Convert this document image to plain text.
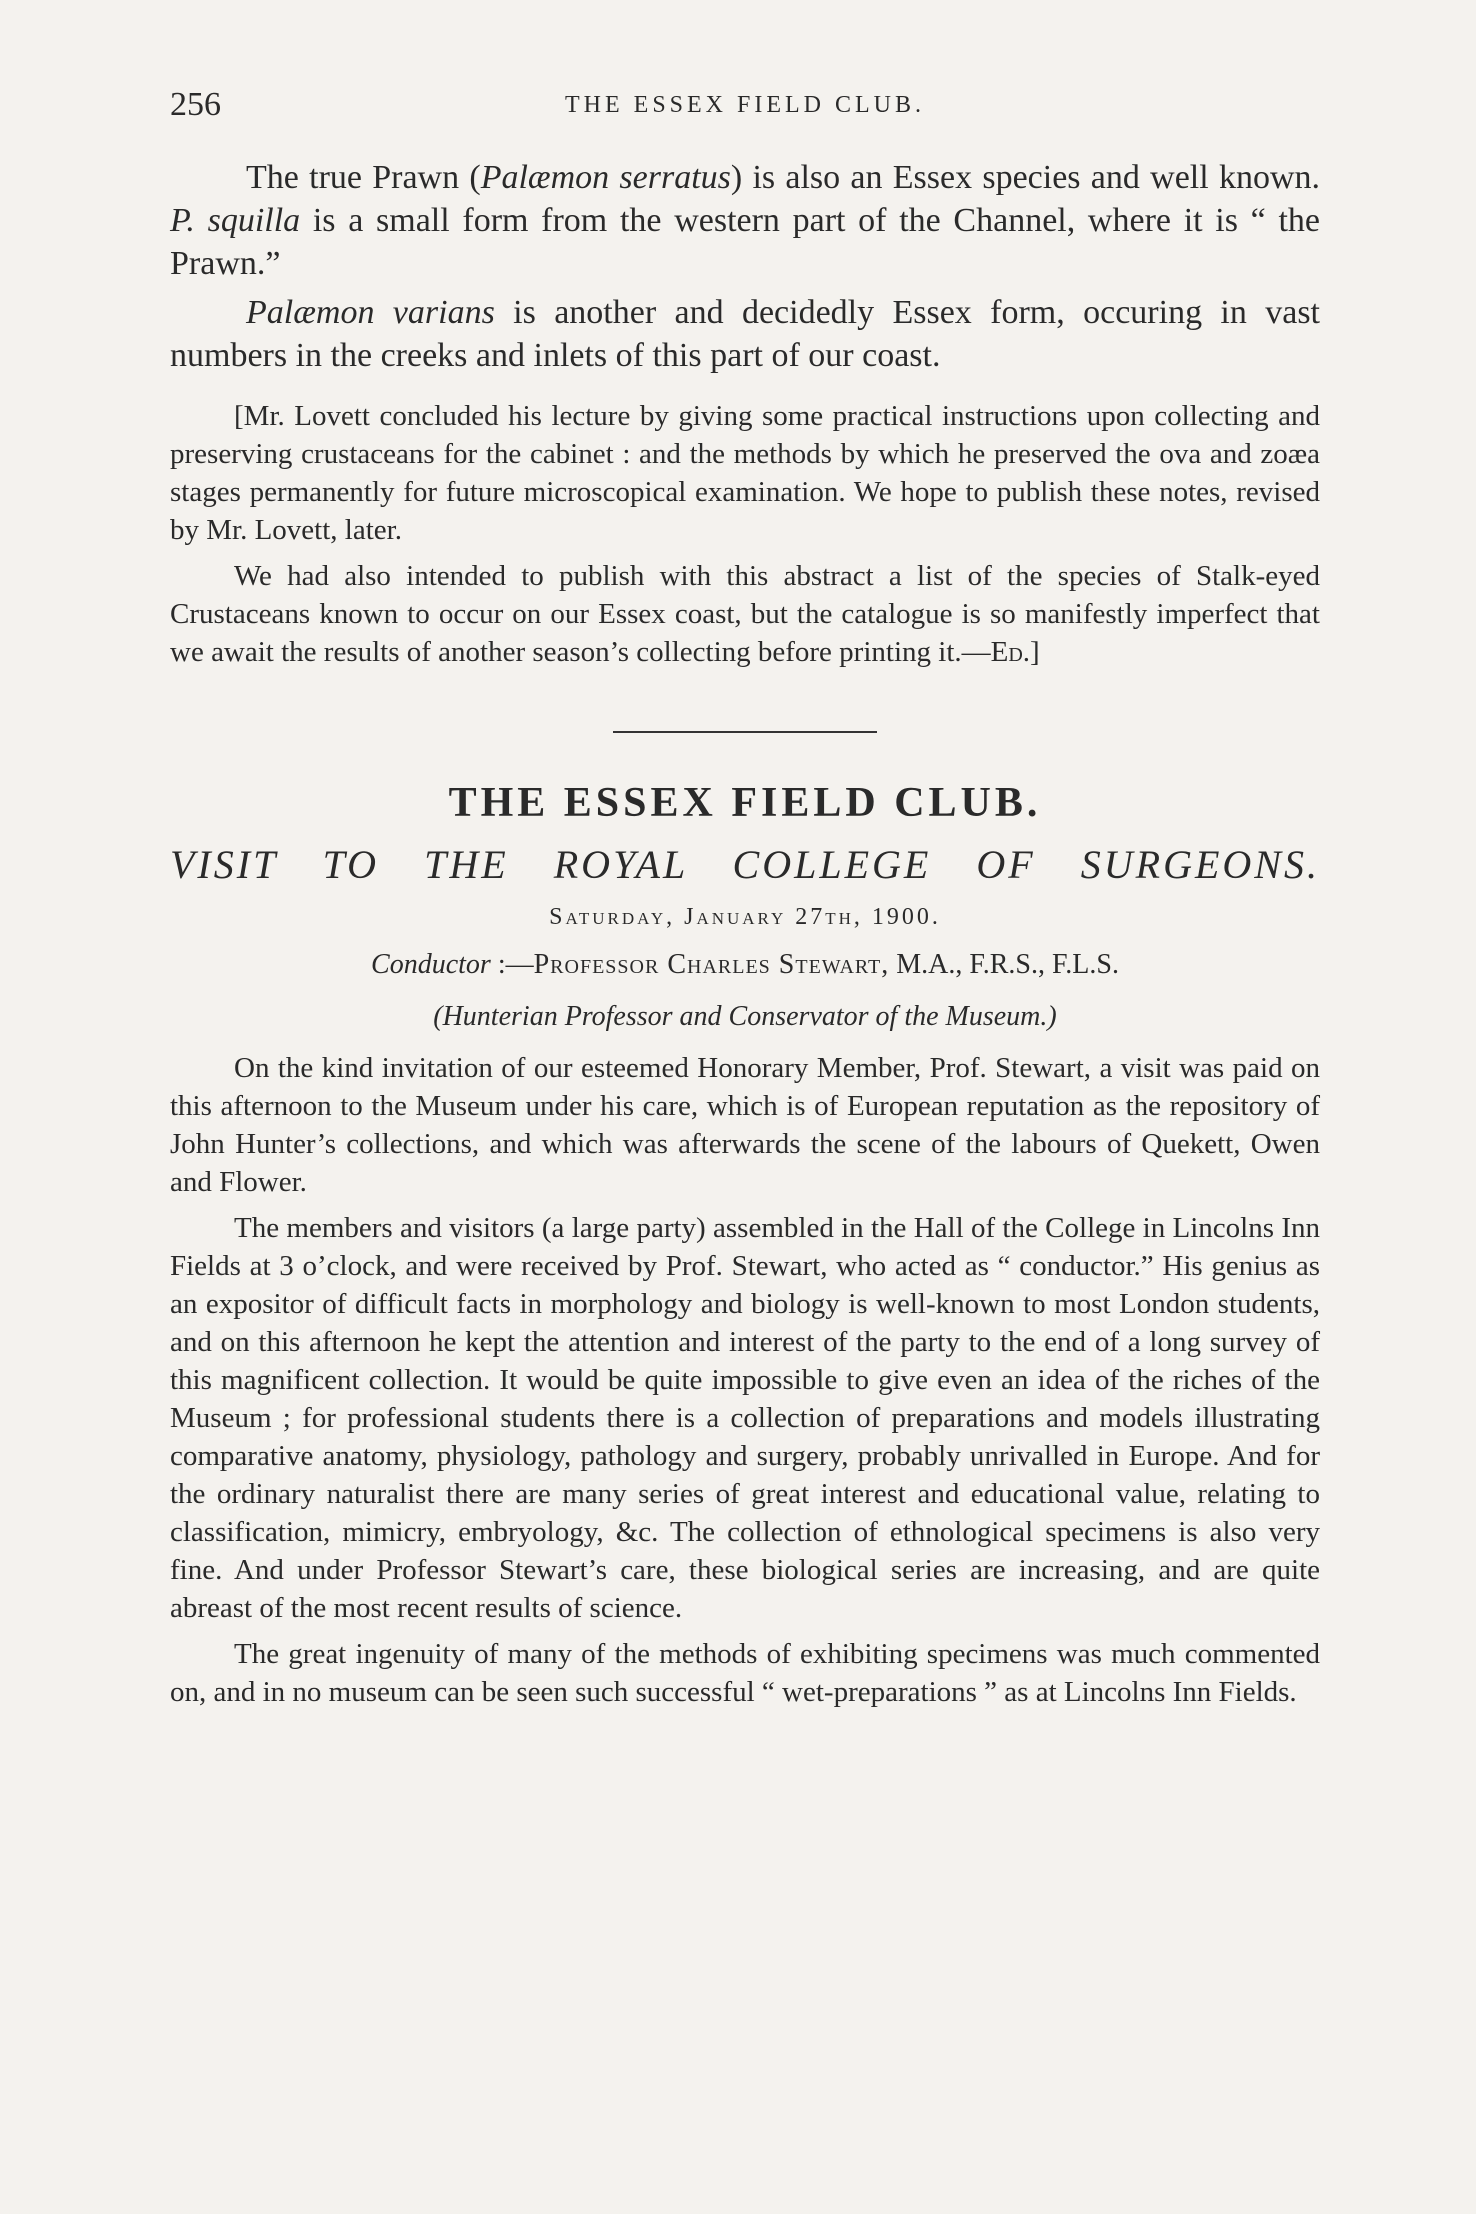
256	THE ESSEX FIELD CLUB.

The true Prawn (Palæmon serratus) is also an Essex species and well known. P. squilla is a small form from the western part of the Channel, where it is “ the Prawn.”

Palæmon varians is another and decidedly Essex form, occuring in vast numbers in the creeks and inlets of this part of our coast.

[Mr. Lovett concluded his lecture by giving some practical instructions upon collecting and preserving crustaceans for the cabinet : and the methods by which he preserved the ova and zoæa stages permanently for future microscopical examination. We hope to publish these notes, revised by Mr. Lovett, later.

We had also intended to publish with this abstract a list of the species of Stalk-eyed Crustaceans known to occur on our Essex coast, but the catalogue is so manifestly imperfect that we await the results of another season’s collecting before printing it.—Ed.]

THE ESSEX FIELD CLUB.
VISIT TO THE ROYAL COLLEGE OF SURGEONS.
Saturday, January 27th, 1900.
Conductor :—Professor Charles Stewart, M.A., F.R.S., F.L.S.
(Hunterian Professor and Conservator of the Museum.)

On the kind invitation of our esteemed Honorary Member, Prof. Stewart, a visit was paid on this afternoon to the Museum under his care, which is of European reputation as the repository of John Hunter’s collections, and which was afterwards the scene of the labours of Quekett, Owen and Flower.

The members and visitors (a large party) assembled in the Hall of the College in Lincolns Inn Fields at 3 o’clock, and were received by Prof. Stewart, who acted as “ conductor.” His genius as an expositor of difficult facts in morphology and biology is well-known to most London students, and on this afternoon he kept the attention and interest of the party to the end of a long survey of this magnificent collection. It would be quite impossible to give even an idea of the riches of the Museum ; for professional students there is a collection of preparations and models illustrating comparative anatomy, physiology, pathology and surgery, probably unrivalled in Europe. And for the ordinary naturalist there are many series of great interest and educational value, relating to classification, mimicry, embryology, &c. The collection of ethnological specimens is also very fine. And under Professor Stewart’s care, these biological series are increasing, and are quite abreast of the most recent results of science.

The great ingenuity of many of the methods of exhibiting specimens was much commented on, and in no museum can be seen such successful “ wet-preparations ” as at Lincolns Inn Fields.
